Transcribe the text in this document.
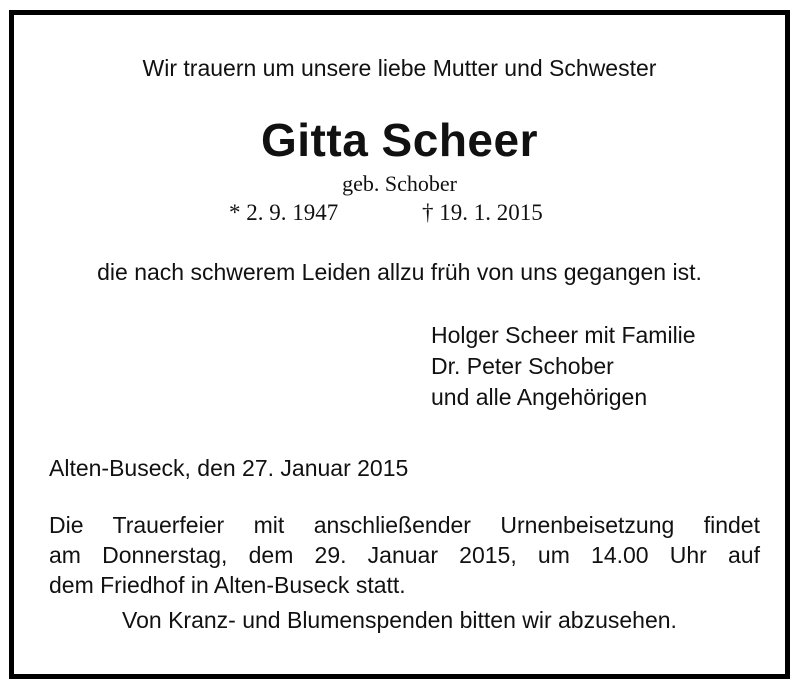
Wir trauern um unsere liebe Mutter und Schwester
Gitta Scheer
geb. Schober
* 2. 9. 1947	† 19. 1. 2015
die nach schwerem Leiden allzu früh von uns gegangen ist.
Holger Scheer mit Familie
Dr. Peter Schober
und alle Angehörigen
Alten-Buseck, den 27. Januar 2015
Die Trauerfeier mit anschließender Urnenbeisetzung findet
am Donnerstag, dem 29. Januar 2015, um 14.00 Uhr auf
dem Friedhof in Alten-Buseck statt.
Von Kranz- und Blumenspenden bitten wir abzusehen.
